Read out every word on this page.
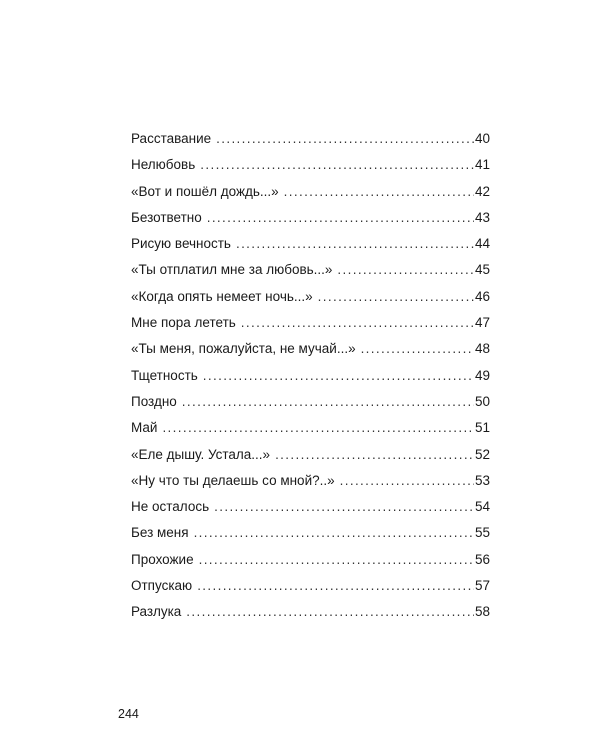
Расставание . . .	40
Нелюбовь . . .	41
«Вот и пошёл дождь...» . . .	42
Безответно . . .	43
Рисую вечность . . .	44
«Ты отплатил мне за любовь...» . . .	45
«Когда опять немеет ночь...» . . .	46
Мне пора лететь . . .	47
«Ты меня, пожалуйста, не мучай...» . . .	48
Тщетность . . .	49
Поздно . . .	50
Май . . .	51
«Еле дышу. Устала...» . . .	52
«Ну что ты делаешь со мной?..» . . .	53
Не осталось . . .	54
Без меня . . .	55
Прохожие . . .	56
Отпускаю . . .	57
Разлука . . .	58
244
